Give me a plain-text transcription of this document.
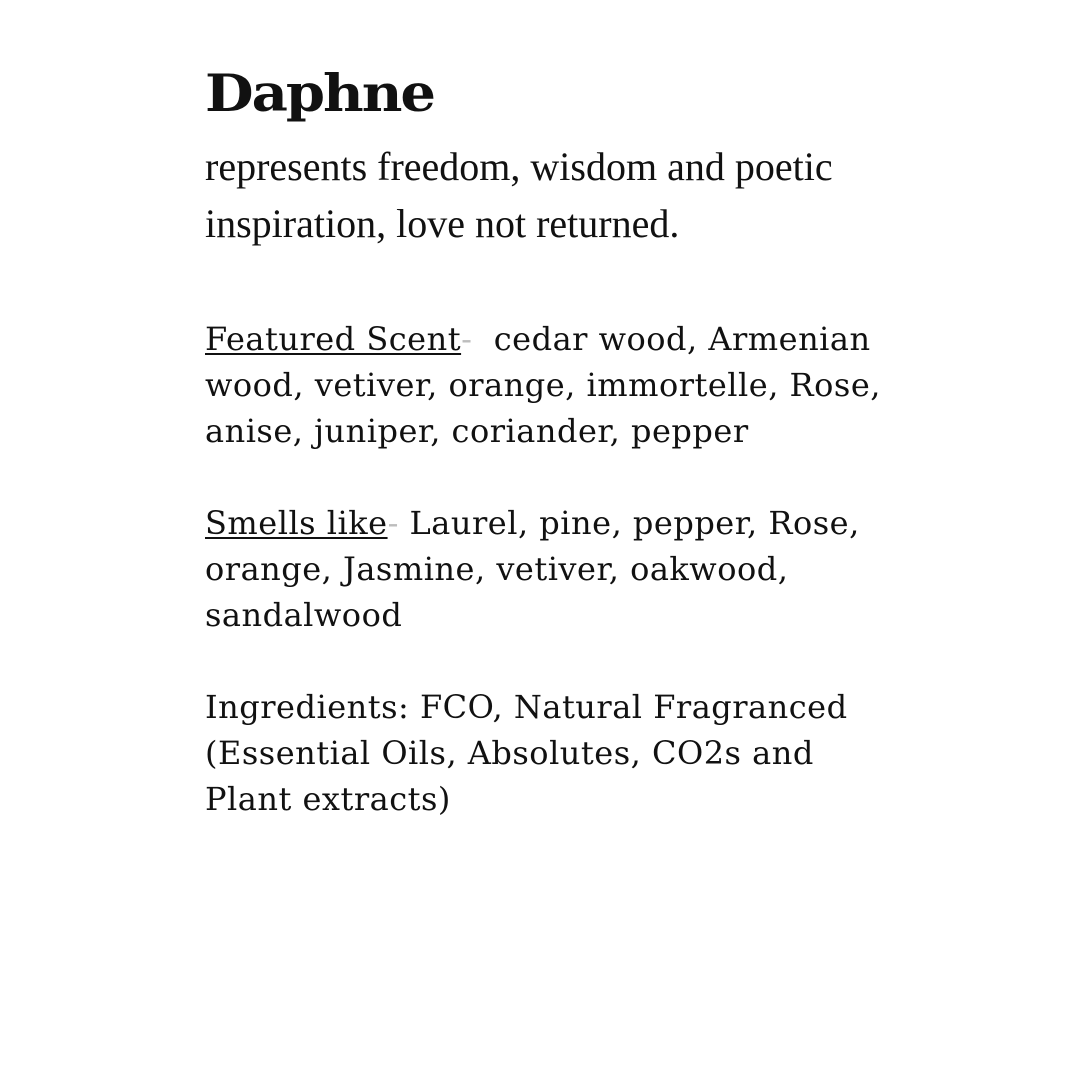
Daphne

represents freedom, wisdom and poetic inspiration, love not returned.

Featured Scent- cedar wood, Armenian wood, vetiver, orange, immortelle, Rose, anise, juniper, coriander, pepper

Smells like- Laurel, pine, pepper, Rose, orange, Jasmine, vetiver, oakwood, sandalwood

Ingredients: FCO, Natural Fragranced (Essential Oils, Absolutes, CO2s and Plant extracts)
